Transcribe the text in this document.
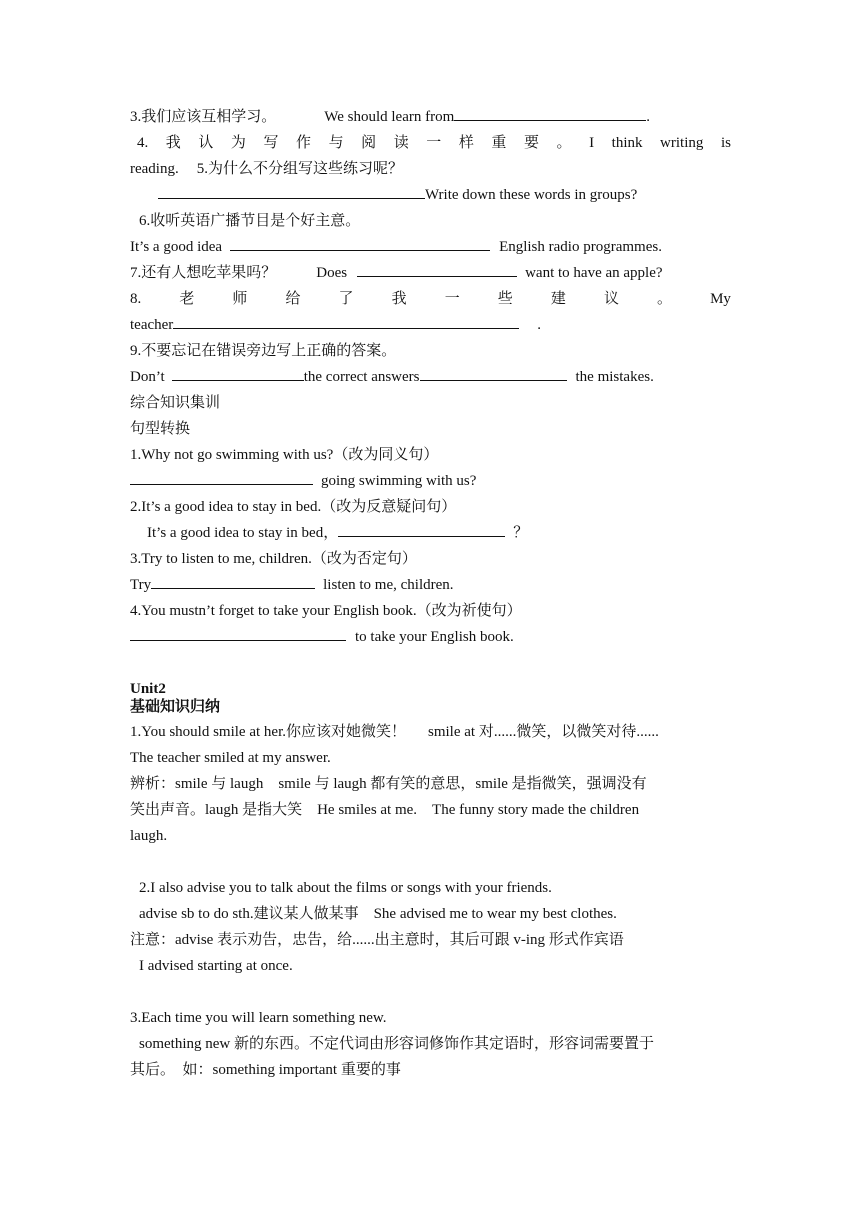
3.我们应该互相学习。	We should learn from	.
4. 我 认 为 写 作 与 阅 读 一 样 重 要 。 I think writing is
reading. 5.为什么不分组写这些练习呢？
Write down these words in groups?
6.收听英语广播节目是个好主意。
It’s a good idea	English radio programmes.
7.还有人想吃苹果吗？	Does	want to have an apple?
8.	老	师	给	了	我	一	些	建	议	。	My
teacher	.
9.不要忘记在错误旁边写上正确的答案。
Don’t	the correct answers	the mistakes.
综合知识集训
句型转换
1.Why not go swimming with us?（改为同义句）
going swimming with us?
2.It’s a good idea to stay in bed.（改为反意疑问句）
It’s a good idea to stay in bed，	？
3.Try to listen to me, children.（改为否定句）
Try	listen to me, children.
4.You mustn’t forget to take your English book.（改为祈使句）
to take your English book.
Unit2
基础知识归纳
1.You should smile at her.你应该对她微笑！ smile at 对......微笑，以微笑对待......
The teacher smiled at my answer.
辨析：smile 与 laugh　smile 与 laugh 都有笑的意思，smile 是指微笑，强调没有
笑出声音。laugh 是指大笑　He smiles at me.　The funny story made the children
laugh.
2.I also advise you to talk about the films or songs with your friends.
advise sb to do sth.建议某人做某事　She advised me to wear my best clothes.
注意：advise 表示劝告，忠告，给......出主意时，其后可跟 v-ing 形式作宾语
I advised starting at once.
3.Each time you will learn something new.
something new 新的东西。不定代词由形容词修饰作其定语时，形容词需要置于
其后。　如：something important 重要的事
